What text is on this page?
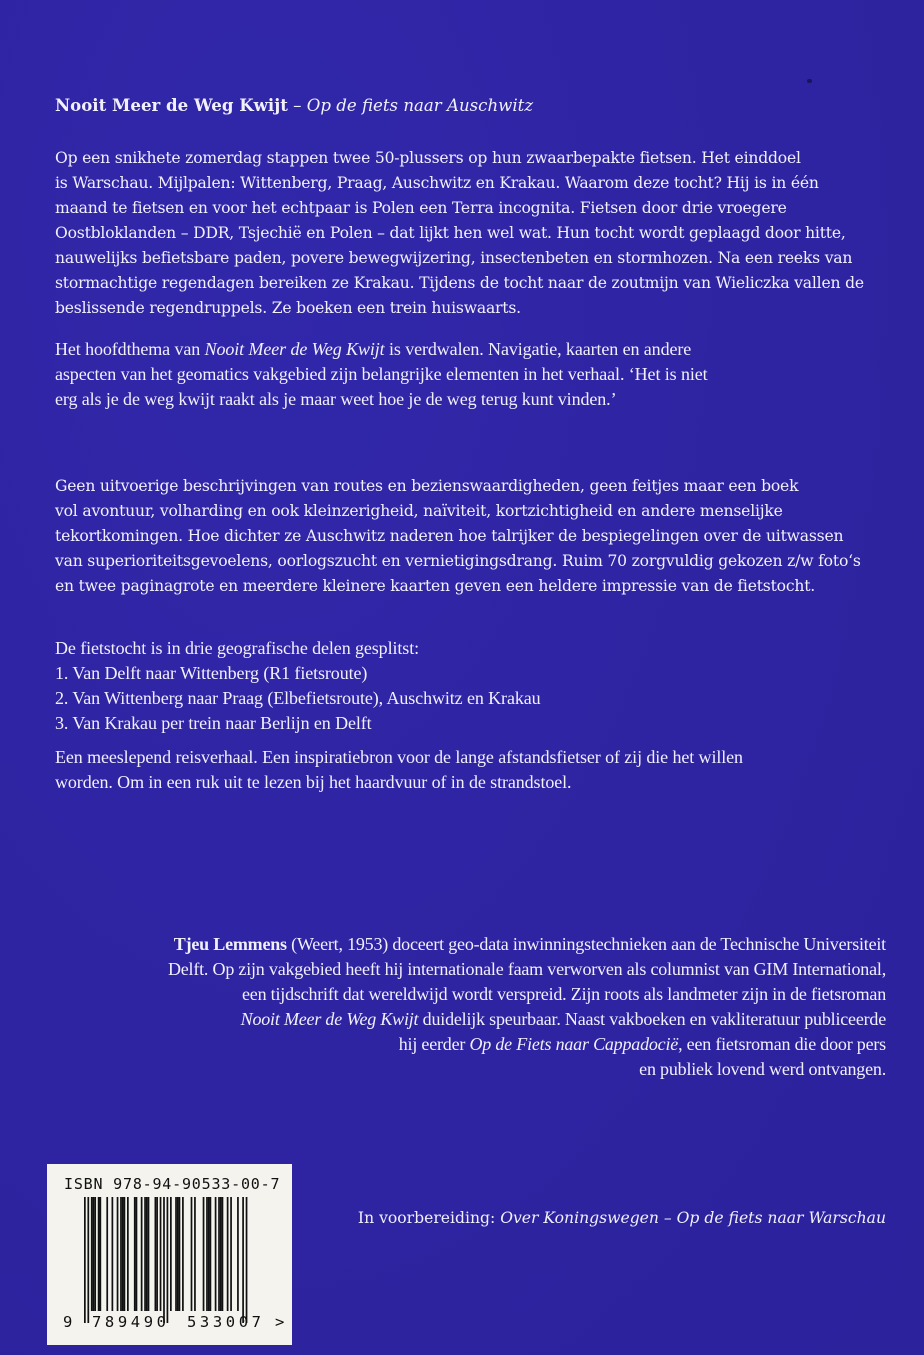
Nooit Meer de Weg Kwijt – Op de fiets naar Auschwitz
Op een snikhete zomerdag stappen twee 50-plussers op hun zwaarbepakte fietsen. Het einddoel
is Warschau. Mijlpalen: Wittenberg, Praag, Auschwitz en Krakau. Waarom deze tocht? Hij is in één
maand te fietsen en voor het echtpaar is Polen een Terra incognita. Fietsen door drie vroegere
Oostbloklanden – DDR, Tsjechië en Polen – dat lijkt hen wel wat. Hun tocht wordt geplaagd door hitte,
nauwelijks befietsbare paden, povere bewegwijzering, insectenbeten en stormhozen. Na een reeks van
stormachtige regendagen bereiken ze Krakau. Tijdens de tocht naar de zoutmijn van Wieliczka vallen de
beslissende regendruppels. Ze boeken een trein huiswaarts.
Het hoofdthema van Nooit Meer de Weg Kwijt is verdwalen. Navigatie, kaarten en andere
aspecten van het geomatics vakgebied zijn belangrijke elementen in het verhaal. ‘Het is niet
erg als je de weg kwijt raakt als je maar weet hoe je de weg terug kunt vinden.’
Geen uitvoerige beschrijvingen van routes en bezienswaardigheden, geen feitjes maar een boek
vol avontuur, volharding en ook kleinzerigheid, naïviteit, kortzichtigheid en andere menselijke
tekortkomingen. Hoe dichter ze Auschwitz naderen hoe talrijker de bespiegelingen over de uitwassen
van superioriteitsgevoelens, oorlogszucht en vernietigingsdrang. Ruim 70 zorgvuldig gekozen z/w foto‘s
en twee paginagrote en meerdere kleinere kaarten geven een heldere impressie van de fietstocht.
De fietstocht is in drie geografische delen gesplitst:
1. Van Delft naar Wittenberg (R1 fietsroute)
2. Van Wittenberg naar Praag (Elbefietsroute), Auschwitz en Krakau
3. Van Krakau per trein naar Berlijn en Delft
Een meeslepend reisverhaal. Een inspiratiebron voor de lange afstandsfietser of zij die het willen
worden. Om in een ruk uit te lezen bij het haardvuur of in de strandstoel.
Tjeu Lemmens (Weert, 1953) doceert geo-data inwinningstechnieken aan de Technische Universiteit
Delft. Op zijn vakgebied heeft hij internationale faam verworven als columnist van GIM International,
een tijdschrift dat wereldwijd wordt verspreid. Zijn roots als landmeter zijn in de fietsroman
Nooit Meer de Weg Kwijt duidelijk speurbaar. Naast vakboeken en vakliteratuur publiceerde
hij eerder Op de Fiets naar Cappadocië, een fietsroman die door pers
en publiek lovend werd ontvangen.
ISBN 978-94-90533-00-7
9 789490 533007 >
In voorbereiding: Over Koningswegen – Op de fiets naar Warschau
